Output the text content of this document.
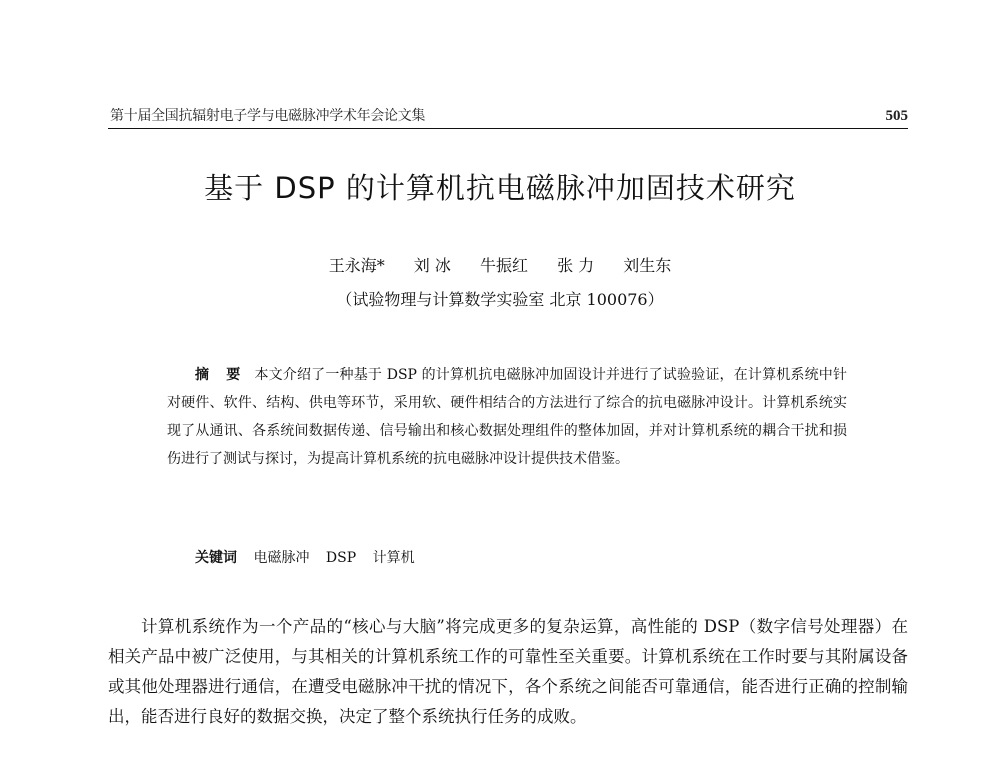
第十届全国抗辐射电子学与电磁脉冲学术年会论文集	505
基于 DSP 的计算机抗电磁脉冲加固技术研究
王永海* 刘 冰 牛振红 张 力 刘生东
（试验物理与计算数学实验室 北京 100076）

摘 要 本文介绍了一种基于 DSP 的计算机抗电磁脉冲加固设计并进行了试验验证，在计算机系统中针对硬件、软件、结构、供电等环节，采用软、硬件相结合的方法进行了综合的抗电磁脉冲设计。计算机系统实现了从通讯、各系统间数据传递、信号输出和核心数据处理组件的整体加固，并对计算机系统的耦合干扰和损伤进行了测试与探讨，为提高计算机系统的抗电磁脉冲设计提供技术借鉴。

关键词 电磁脉冲 DSP 计算机

计算机系统作为一个产品的“核心与大脑”将完成更多的复杂运算，高性能的 DSP（数字信号处理器）在相关产品中被广泛使用，与其相关的计算机系统工作的可靠性至关重要。计算机系统在工作时要与其附属设备或其他处理器进行通信，在遭受电磁脉冲干扰的情况下，各个系统之间能否可靠通信，能否进行正确的控制输出，能否进行良好的数据交换，决定了整个系统执行任务的成败。
